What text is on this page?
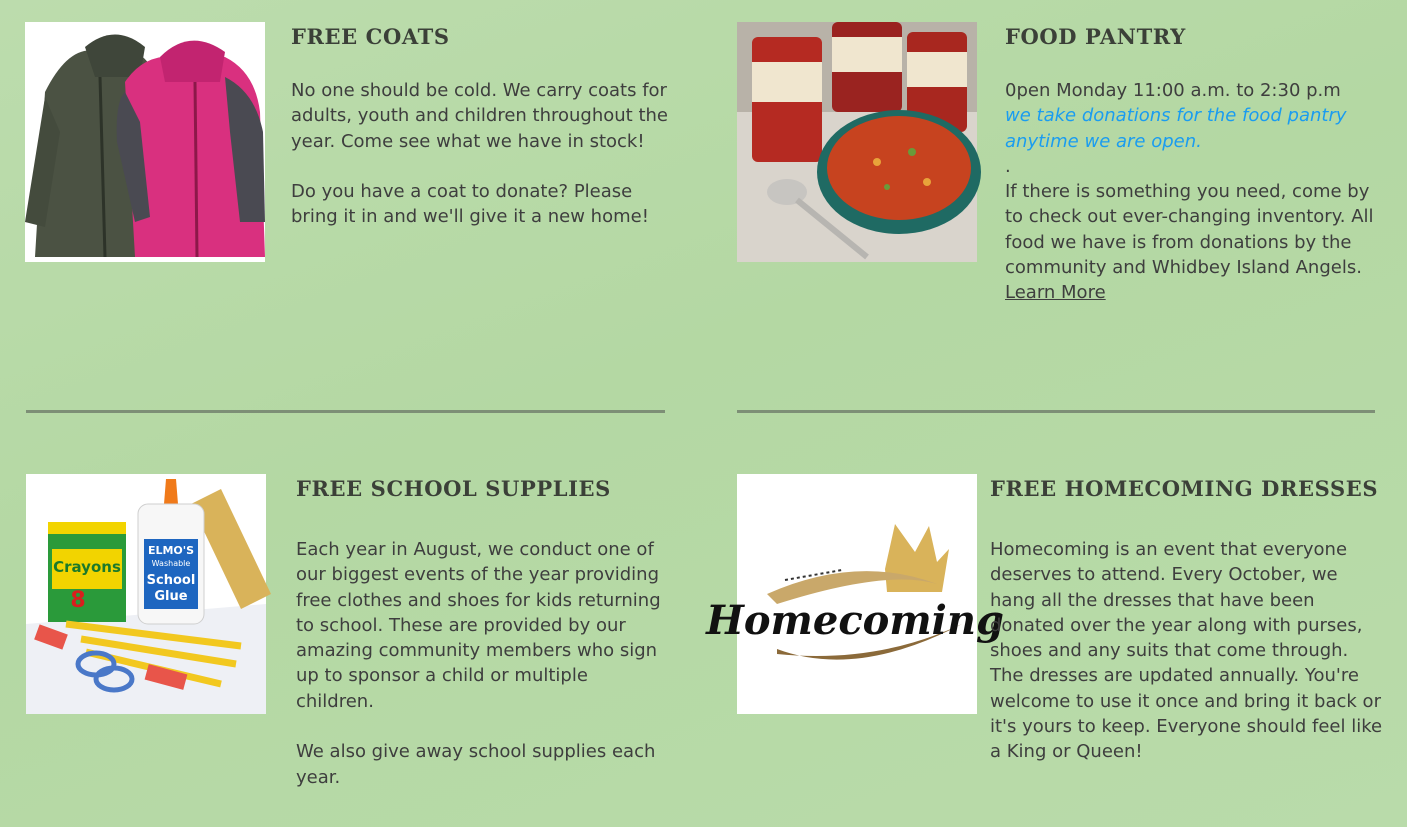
FREE COATS

No one should be cold. We carry coats for adults, youth and children throughout the year. Come see what we have in stock!

Do you have a coat to donate? Please bring it in and we'll give it a new home!

FOOD PANTRY

0pen Monday 11:00 a.m. to 2:30 p.m

we take donations for the food pantry anytime we are open.

.

If there is something you need, come by to check out ever-changing inventory. All food we have is from donations by the community and Whidbey Island Angels.
Learn More

Crayons
8
ELMO'S
Washable
School
Glue
FREE SCHOOL SUPPLIES

Each year in August, we conduct one of our biggest events of the year providing free clothes and shoes for kids returning to school. These are provided by our amazing community members who sign up to sponsor a child or multiple children.

We also give away school supplies each year.

Homecoming
FREE HOMECOMING DRESSES

Homecoming is an event that everyone deserves to attend. Every October, we hang all the dresses that have been donated over the year along with purses, shoes and any suits that come through. The dresses are updated annually. You're welcome to use it once and bring it back or it's yours to keep. Everyone should feel like a King or Queen!
